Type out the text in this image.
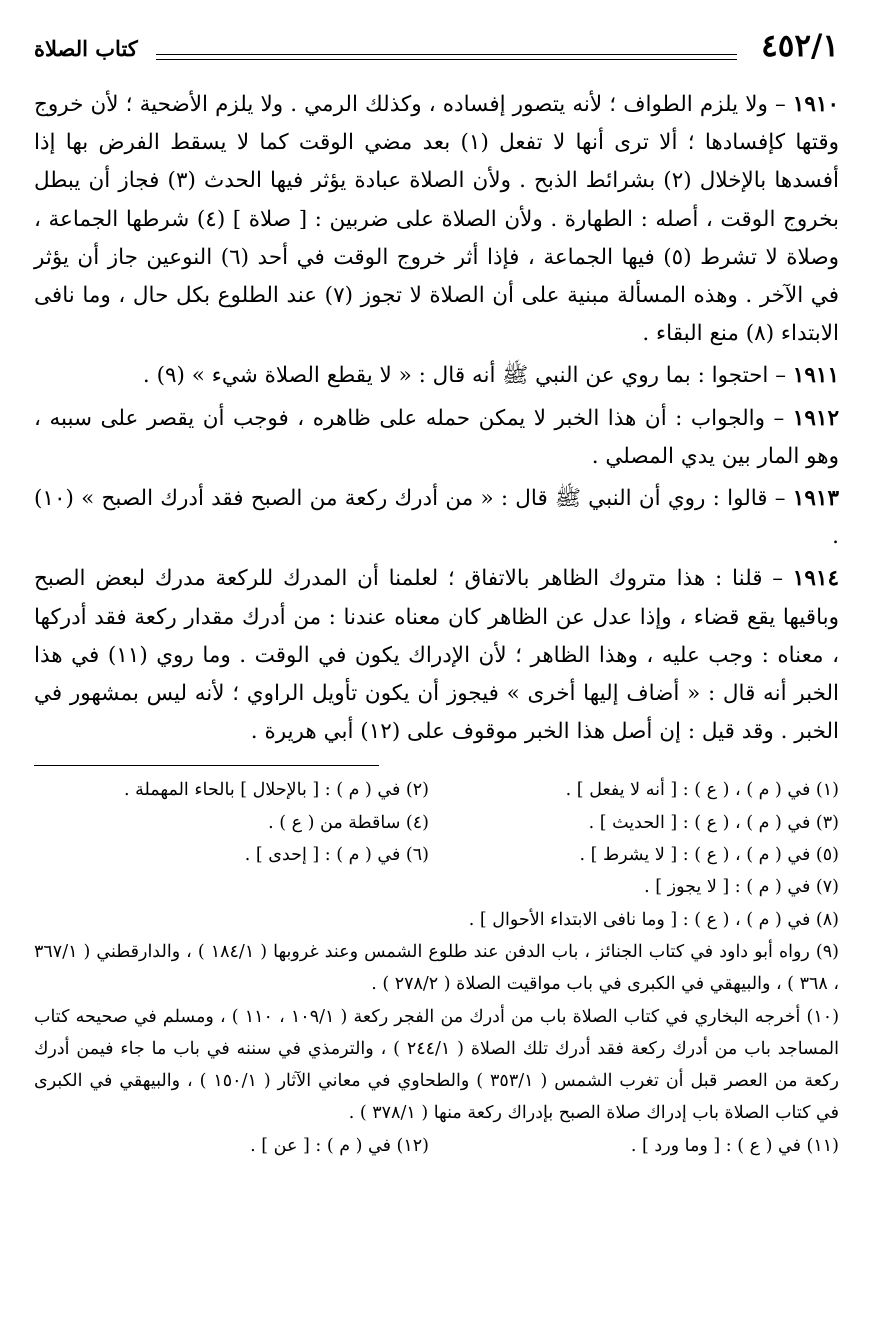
٤٥٢/١
كتاب الصلاة

١٩١٠ – ولا يلزم الطواف ؛ لأنه يتصور إفساده ، وكذلك الرمي . ولا يلزم الأضحية ؛ لأن خروج وقتها كإفسادها ؛ ألا ترى أنها لا تفعل (١) بعد مضي الوقت كما لا يسقط الفرض بها إذا أفسدها بالإخلال (٢) بشرائط الذبح . ولأن الصلاة عبادة يؤثر فيها الحدث (٣) فجاز أن يبطل بخروج الوقت ، أصله : الطهارة . ولأن الصلاة على ضربين : [ صلاة ] (٤) شرطها الجماعة ، وصلاة لا تشرط (٥) فيها الجماعة ، فإذا أثر خروج الوقت في أحد (٦) النوعين جاز أن يؤثر في الآخر . وهذه المسألة مبنية على أن الصلاة لا تجوز (٧) عند الطلوع بكل حال ، وما نافى الابتداء (٨) منع البقاء .

١٩١١ – احتجوا : بما روي عن النبي ﷺ أنه قال : « لا يقطع الصلاة شيء » (٩) .

١٩١٢ – والجواب : أن هذا الخبر لا يمكن حمله على ظاهره ، فوجب أن يقصر على سببه ، وهو المار بين يدي المصلي .

١٩١٣ – قالوا : روي أن النبي ﷺ قال : « من أدرك ركعة من الصبح فقد أدرك الصبح » (١٠) .

١٩١٤ – قلنا : هذا متروك الظاهر بالاتفاق ؛ لعلمنا أن المدرك للركعة مدرك لبعض الصبح وباقيها يقع قضاء ، وإذا عدل عن الظاهر كان معناه عندنا : من أدرك مقدار ركعة فقد أدركها ، معناه : وجب عليه ، وهذا الظاهر ؛ لأن الإدراك يكون في الوقت . وما روي (١١) في هذا الخبر أنه قال : « أضاف إليها أخرى » فيجوز أن يكون تأويل الراوي ؛ لأنه ليس بمشهور في الخبر . وقد قيل : إن أصل هذا الخبر موقوف على (١٢) أبي هريرة .

(١) في ( م ) ، ( ع ) : [ أنه لا يفعل ] .
(٢) في ( م ) : [ بالإحلال ] بالحاء المهملة .
(٣) في ( م ) ، ( ع ) : [ الحديث ] .
(٤) ساقطة من ( ع ) .
(٥) في ( م ) ، ( ع ) : [ لا يشرط ] .
(٦) في ( م ) : [ إحدى ] .
(٧) في ( م ) : [ لا يجوز ] .
(٨) في ( م ) ، ( ع ) : [ وما نافى الابتداء الأحوال ] .
(٩) رواه أبو داود في كتاب الجنائز ، باب الدفن عند طلوع الشمس وعند غروبها ( ١٨٤/١ ) ، والدارقطني ( ٣٦٧/١ ، ٣٦٨ ) ، والبيهقي في الكبرى في باب مواقيت الصلاة ( ٢٧٨/٢ ) .
(١٠) أخرجه البخاري في كتاب الصلاة باب من أدرك من الفجر ركعة ( ١٠٩/١ ، ١١٠ ) ، ومسلم في صحيحه كتاب المساجد باب من أدرك ركعة فقد أدرك تلك الصلاة ( ٢٤٤/١ ) ، والترمذي في سننه في باب ما جاء فيمن أدرك ركعة من العصر قبل أن تغرب الشمس ( ٣٥٣/١ ) والطحاوي في معاني الآثار ( ١٥٠/١ ) ، والبيهقي في الكبرى في كتاب الصلاة باب إدراك صلاة الصبح بإدراك ركعة منها ( ٣٧٨/١ ) .
(١١) في ( ع ) : [ وما ورد ] .
(١٢) في ( م ) : [ عن ] .
